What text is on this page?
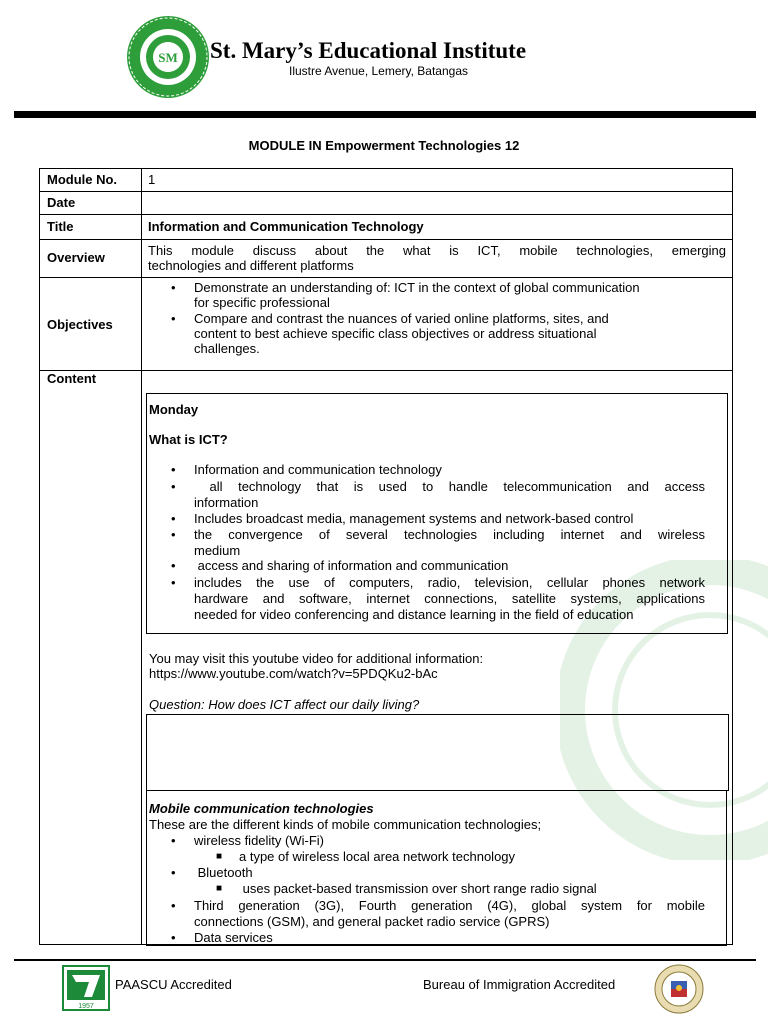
SM St. Mary’s Educational Institute
Ilustre Avenue, Lemery, Batangas
MODULE IN Empowerment Technologies 12
Module No. 1
Date
Title	Information and Communication Technology
Overview	This module discuss about the what is ICT, mobile technologies, emerging
technologies and different platforms
Objectives
• Demonstrate an understanding of: ICT in the context of global communication
for specific professional
• Compare and contrast the nuances of varied online platforms, sites, and
content to best achieve specific class objectives or address situational
challenges.
Content
Monday
What is ICT?
• Information and communication technology
• all technology that is used to handle telecommunication and access
information
• Includes broadcast media, management systems and network-based control
• the convergence of several technologies including internet and wireless
medium
• access and sharing of information and communication
• includes the use of computers, radio, television, cellular phones network
hardware and software, internet connections, satellite systems, applications
needed for video conferencing and distance learning in the field of education
You may visit this youtube video for additional information:
https://www.youtube.com/watch?v=5PDQKu2-bAc
Question: How does ICT affect our daily living?
Mobile communication technologies
These are the different kinds of mobile communication technologies;
• wireless fidelity (Wi-Fi)
■ a type of wireless local area network technology
• Bluetooth
■ uses packet-based transmission over short range radio signal
• Third generation (3G), Fourth generation (4G), global system for mobile
connections (GSM), and general packet radio service (GPRS)
• Data services
1957
PAASCU Accredited	Bureau of Immigration Accredited
